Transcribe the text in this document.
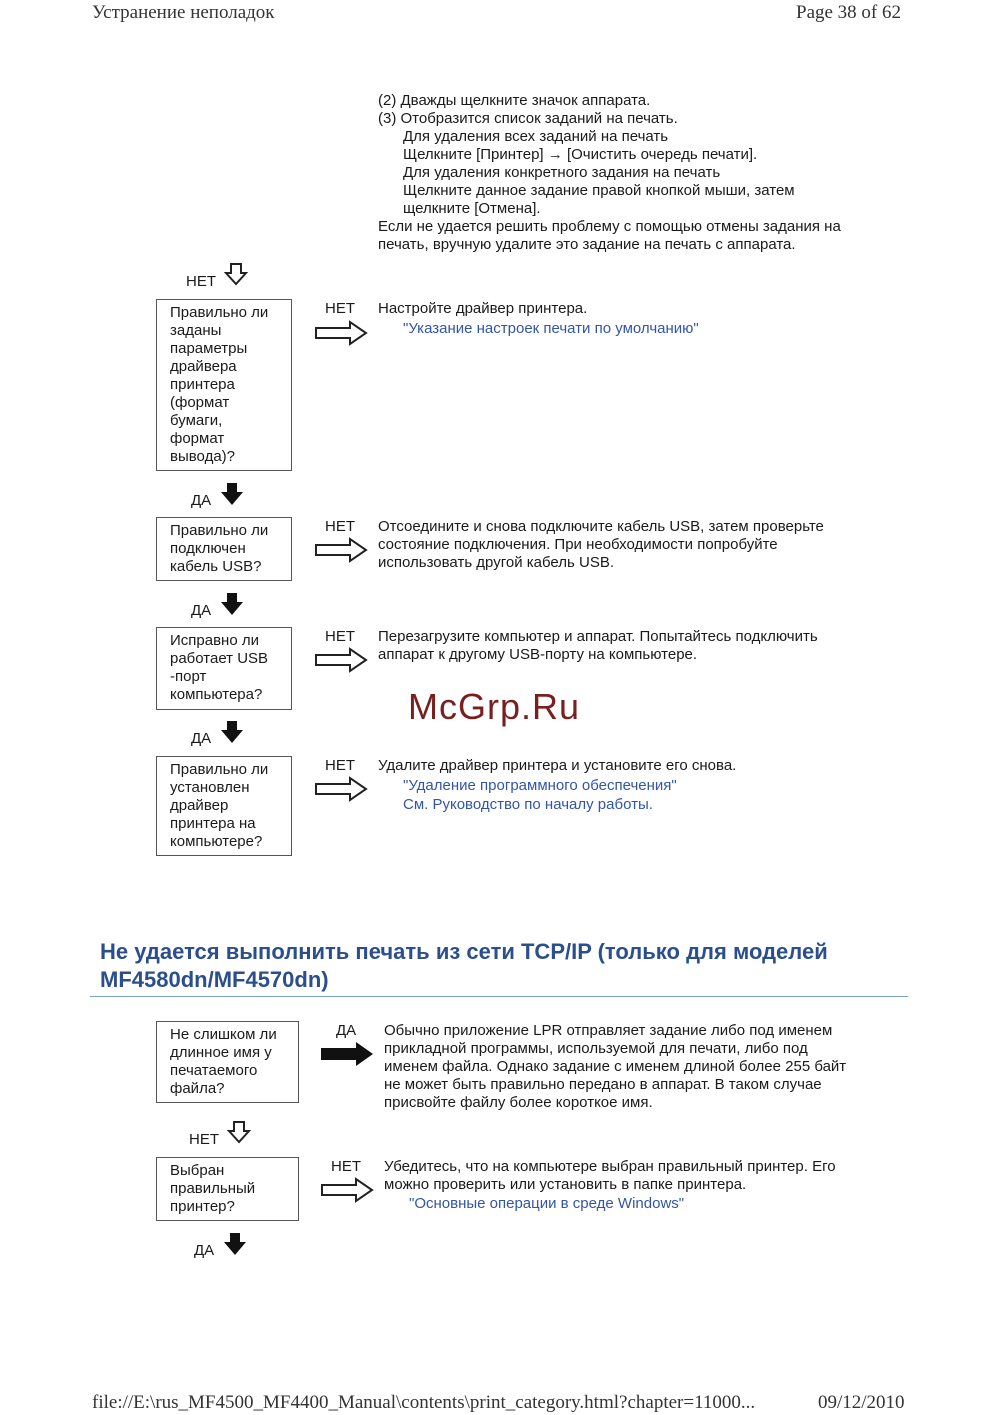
Устранение неполадок	Page 38 of 62
(2) Дважды щелкните значок аппарата.
(3) Отобразится список заданий на печать.
Для удаления всех заданий на печать
Щелкните [Принтер] → [Очистить очередь печати].
Для удаления конкретного задания на печать
Щелкните данное задание правой кнопкой мыши, затем
щелкните [Отмена].
Если не удается решить проблему с помощью отмены задания на
печать, вручную удалите это задание на печать с аппарата.
НЕТ
Правильно ли
заданы
параметры
драйвера
принтера
(формат
бумаги,
формат
вывода)?
НЕТ Настройте драйвер принтера.
"Указание настроек печати по умолчанию"
ДА
Правильно ли
подключен
кабель USB?
НЕТ Отсоедините и снова подключите кабель USB, затем проверьте
состояние подключения. При необходимости попробуйте
использовать другой кабель USB.
ДА
Исправно ли
работает USB
-порт
компьютера?
НЕТ Перезагрузите компьютер и аппарат. Попытайтесь подключить
аппарат к другому USB-порту на компьютере.
ДА
McGrp.Ru
Правильно ли
установлен
драйвер
принтера на
компьютере?
НЕТ Удалите драйвер принтера и установите его снова.
"Удаление программного обеспечения"
См. Руководство по началу работы.
Не удается выполнить печать из сети TCP/IP (только для моделей MF4580dn/MF4570dn)
Не слишком ли
длинное имя у
печатаемого
файла?
ДА Обычно приложение LPR отправляет задание либо под именем
прикладной программы, используемой для печати, либо под
именем файла. Однако задание с именем длиной более 255 байт
не может быть правильно передано в аппарат. В таком случае
присвойте файлу более короткое имя.
НЕТ
Выбран
правильный
принтер?
НЕТ Убедитесь, что на компьютере выбран правильный принтер. Его
можно проверить или установить в папке принтера.
"Основные операции в среде Windows"
ДА
file://E:\rus_MF4500_MF4400_Manual\contents\print_category.html?chapter=11000...	09/12/2010
